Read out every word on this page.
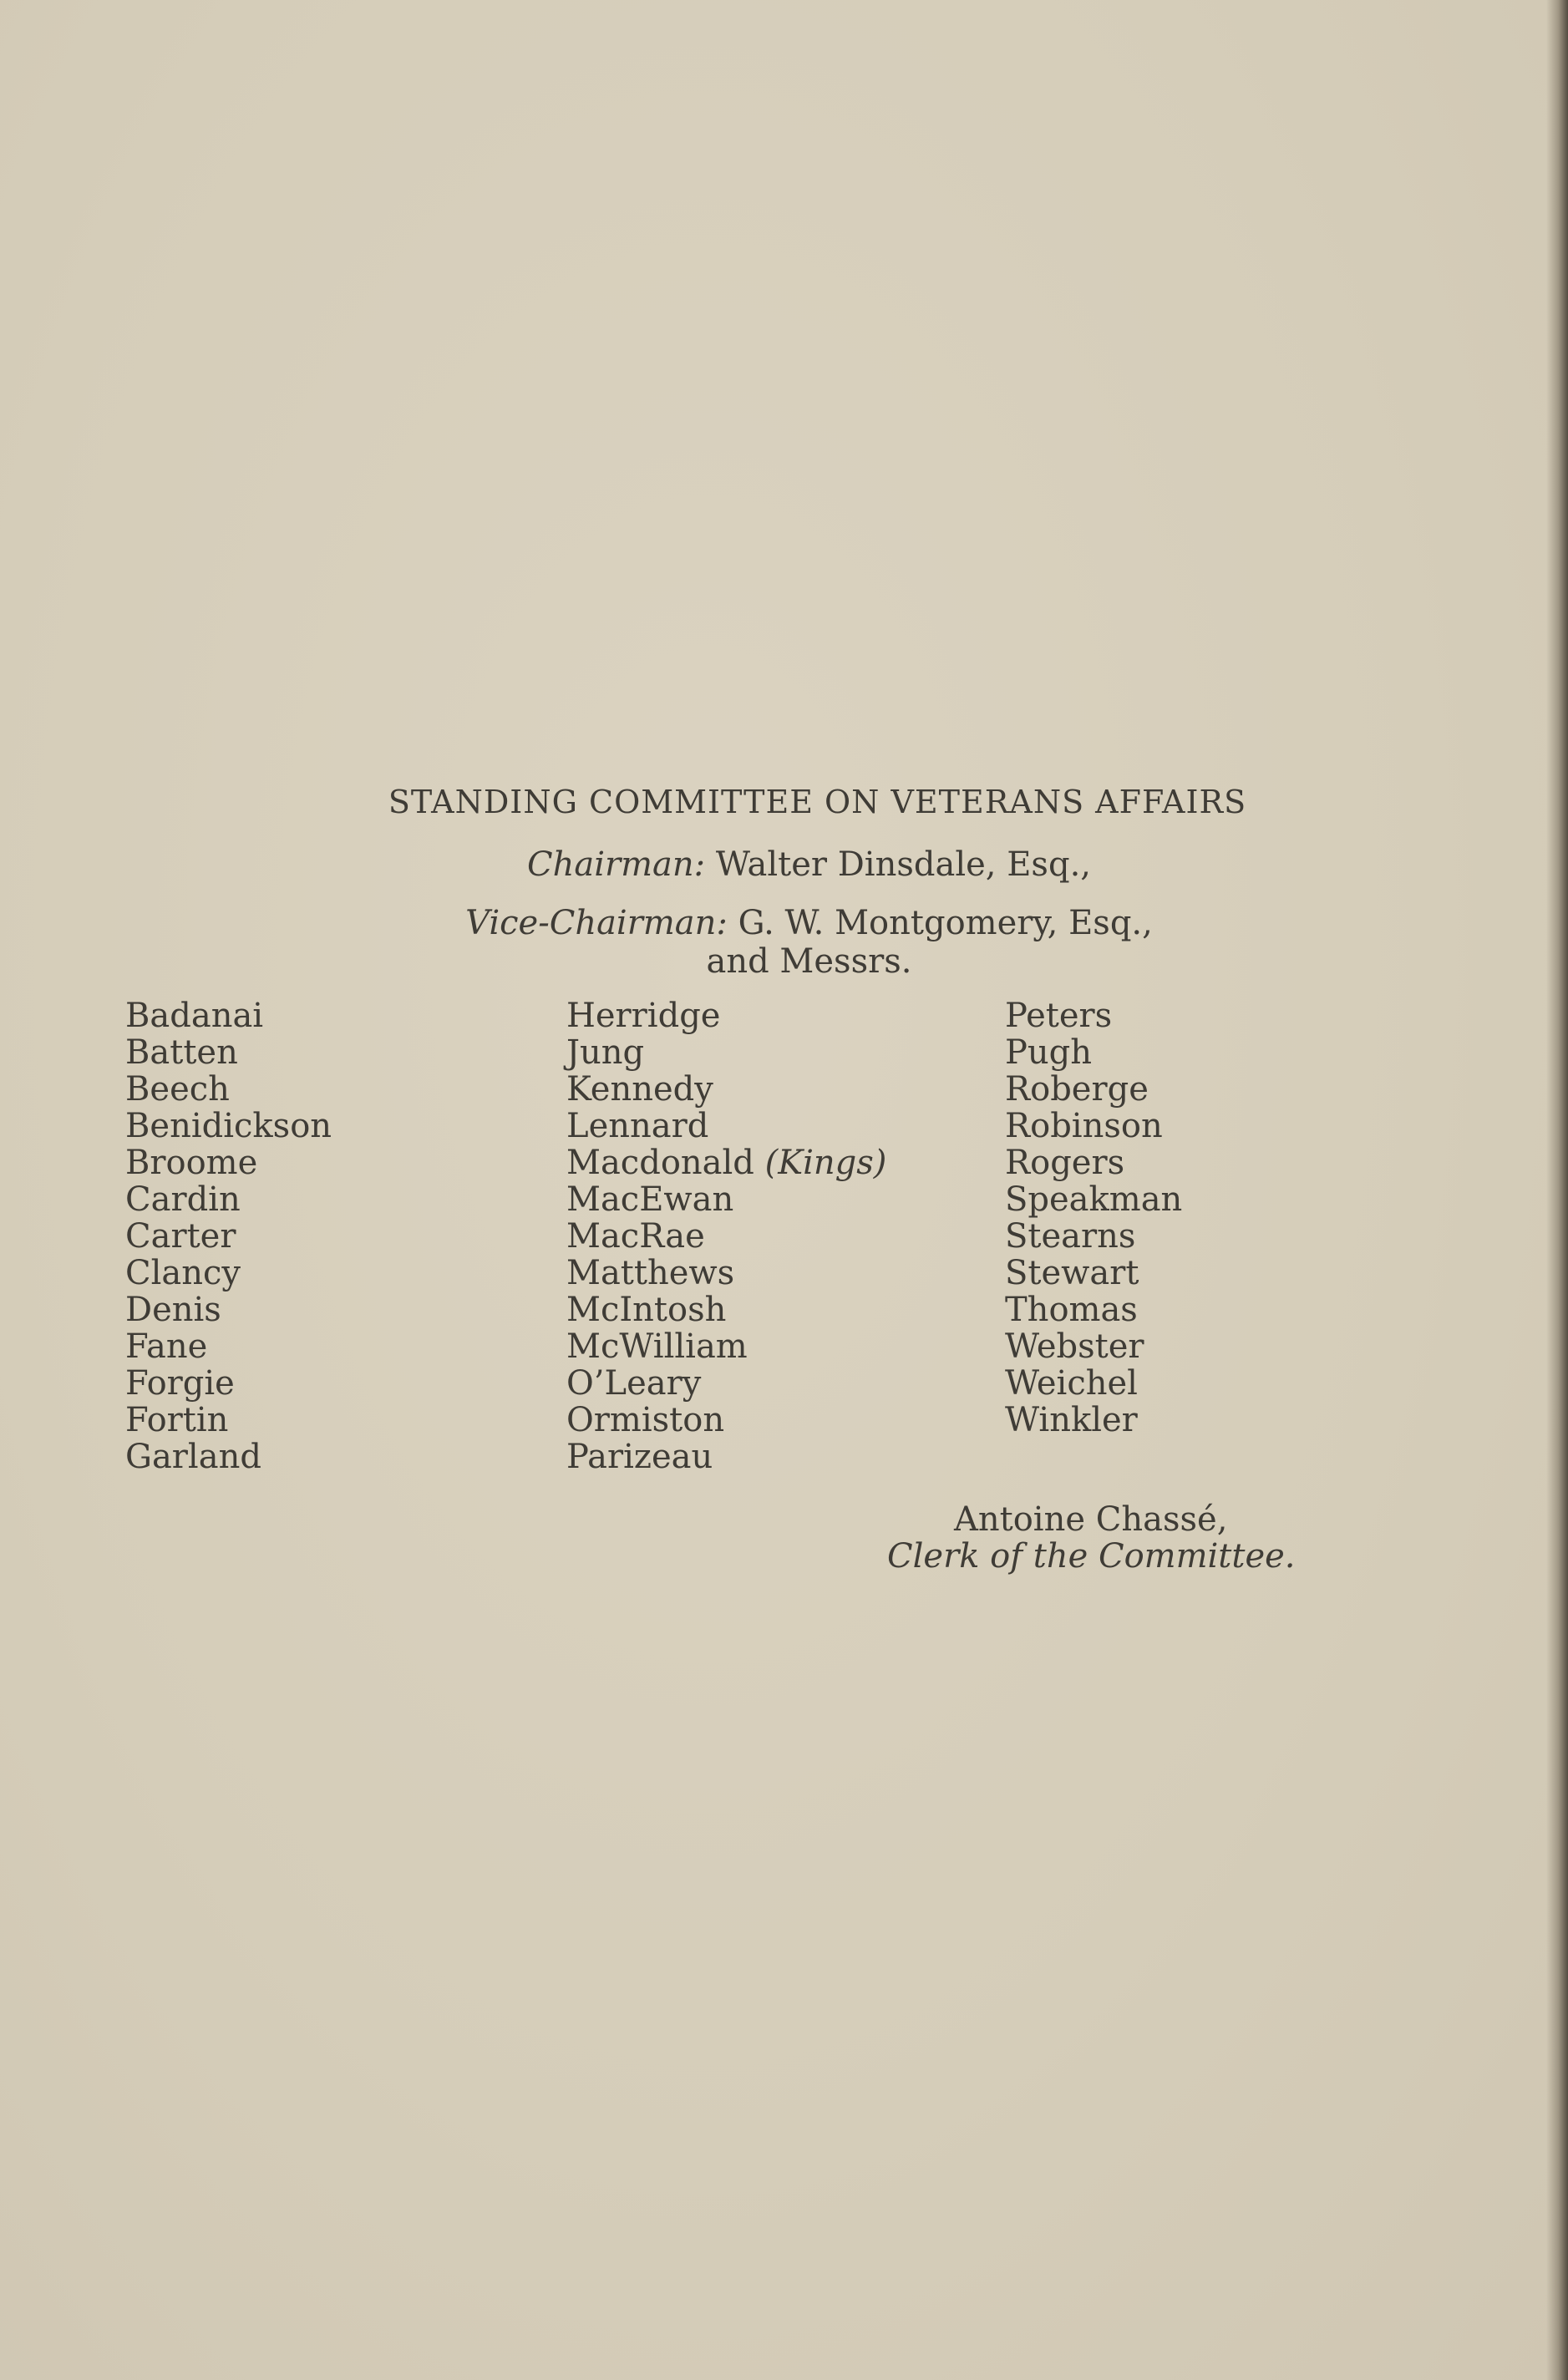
STANDING COMMITTEE ON VETERANS AFFAIRS
Chairman: Walter Dinsdale, Esq.,
Vice-Chairman: G. W. Montgomery, Esq.,
and Messrs.
Badanai
Batten
Beech
Benidickson
Broome
Cardin
Carter
Clancy
Denis
Fane
Forgie
Fortin
Garland
Herridge
Jung
Kennedy
Lennard
Macdonald (Kings)
MacEwan
MacRae
Matthews
McIntosh
McWilliam
O’Leary
Ormiston
Parizeau
Peters
Pugh
Roberge
Robinson
Rogers
Speakman
Stearns
Stewart
Thomas
Webster
Weichel
Winkler
Antoine Chassé,
Clerk of the Committee.
